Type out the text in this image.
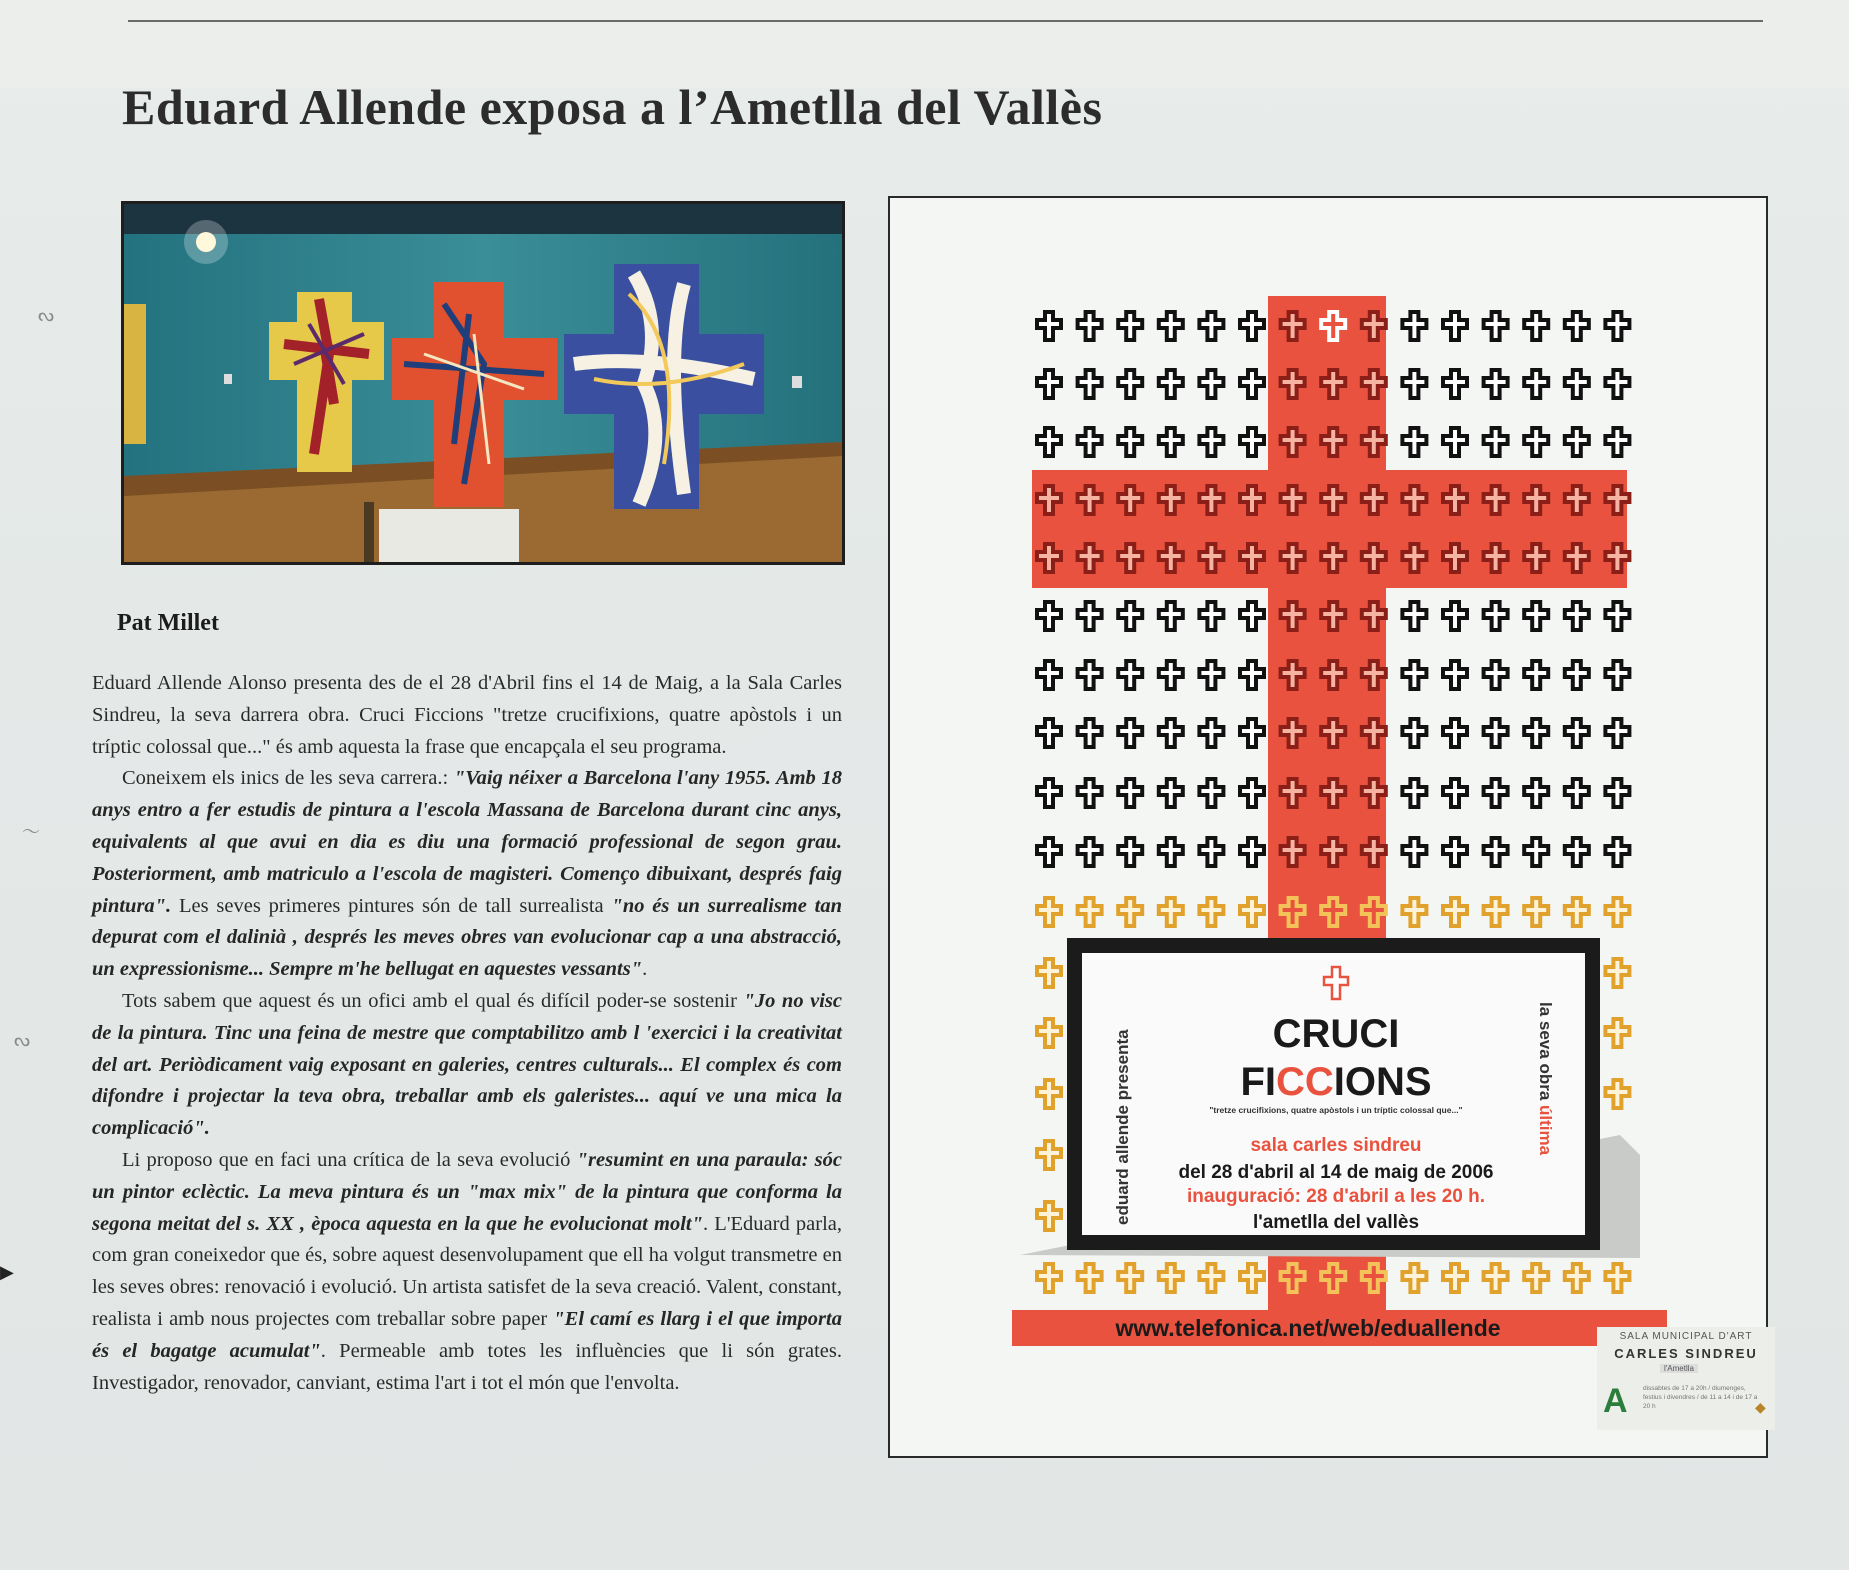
Eduard Allende exposa a l’Ametlla del Vallès
Pat Millet

Eduard Allende Alonso presenta des de el 28 d'Abril fins el 14 de Maig, a la Sala Carles Sindreu, la seva darrera obra. Cruci Ficcions "tretze crucifixions, quatre apòstols i un tríptic colossal que..." és amb aquesta la frase que encapçala el seu programa.

Coneixem els inics de les seva carrera.: "Vaig néixer a Barcelona l'any 1955. Amb 18 anys entro a fer estudis de pintura a l'escola Massana de Barcelona durant cinc anys, equivalents al que avui en dia es diu una formació professional de segon grau. Posteriorment, amb matriculo a l'escola de magisteri. Començo dibuixant, després faig pintura". Les seves primeres pintures són de tall surrealista "no és un surrealisme tan depurat com el dalinià , després les meves obres van evolucionar cap a una abstracció, un expressionisme... Sempre m'he bellugat en aquestes vessants".

Tots sabem que aquest és un ofici amb el qual és difícil poder-se sostenir "Jo no visc de la pintura. Tinc una feina de mestre que comptabilitzo amb l 'exercici i la creativitat del art. Periòdicament vaig exposant en galeries, centres culturals... El complex és com difondre i projectar la teva obra, treballar amb els galeristes... aquí ve una mica la complicació".

Li proposo que en faci una crítica de la seva evolució "resumint en una paraula: sóc un pintor eclèctic. La meva pintura és un "max mix" de la pintura que conforma la segona meitat del s. XX , època aquesta en la que he evolucionat molt". L'Eduard parla, com gran coneixedor que és, sobre aquest desenvolupament que ell ha volgut transmetre en les seves obres: renovació i evolució. Un artista satisfet de la seva creació. Valent, constant, realista i amb nous projectes com treballar sobre paper "El camí es llarg i el que importa és el bagatge acumulat". Permeable amb totes les influències que li són grates. Investigador, renovador, canviant, estima l'art i tot el món que l'envolta.

ᔓ
〜
ᔓ
▶
eduard allende presenta	la seva obra última
CRUCI
FICCIONS
"tretze crucifixions, quatre apòstols i un tríptic colossal que..."
sala carles sindreu
del 28 d'abril al 14 de maig de 2006
inauguració: 28 d'abril a les 20 h.
l'ametlla del vallès
www.telefonica.net/web/eduallende	SALA MUNICIPAL D'ART
CARLES SINDREU
l'Ametlla
A dissabtes de 17 a 20h / diumenges, festius i divendres / de 11 a 14 i de 17 a 20 h	◆
